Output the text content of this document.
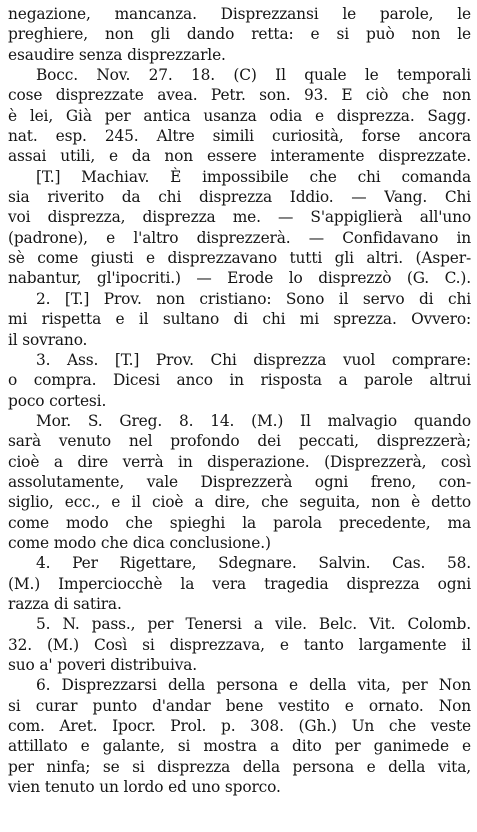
negazione, mancanza. Disprezzansi le parole, le
preghiere, non gli dando retta: e si può non le
esaudire senza disprezzarle.
Bocc. Nov. 27. 18. (C) Il quale le temporali
cose disprezzate avea. Petr. son. 93. E ciò che non
è lei, Già per antica usanza odia e disprezza. Sagg.
nat. esp. 245. Altre simili curiosità, forse ancora
assai utili, e da non essere interamente disprezzate.
[T.] Machiav. È impossibile che chi comanda
sia riverito da chi disprezza Iddio. — Vang. Chi
voi disprezza, disprezza me. — S'appiglierà all'uno
(padrone), e l'altro disprezzerà. — Confidavano in
sè come giusti e disprezzavano tutti gli altri. (Asper-
nabantur, gl'ipocriti.) — Erode lo disprezzò (G. C.).
2. [T.] Prov. non cristiano: Sono il servo di chi
mi rispetta e il sultano di chi mi sprezza. Ovvero:
il sovrano.
3. Ass. [T.] Prov. Chi disprezza vuol comprare:
o compra. Dicesi anco in risposta a parole altrui
poco cortesi.
Mor. S. Greg. 8. 14. (M.) Il malvagio quando
sarà venuto nel profondo dei peccati, disprezzerà;
cioè a dire verrà in disperazione. (Disprezzerà, così
assolutamente, vale Disprezzerà ogni freno, con-
siglio, ecc., e il cioè a dire, che seguita, non è detto
come modo che spieghi la parola precedente, ma
come modo che dica conclusione.)
4. Per Rigettare, Sdegnare. Salvin. Cas. 58.
(M.) Imperciocchè la vera tragedia disprezza ogni
razza di satira.
5. N. pass., per Tenersi a vile. Belc. Vit. Colomb.
32. (M.) Così si disprezzava, e tanto largamente il
suo a' poveri distribuiva.
6. Disprezzarsi della persona e della vita, per Non
si curar punto d'andar bene vestito e ornato. Non
com. Aret. Ipocr. Prol. p. 308. (Gh.) Un che veste
attillato e galante, si mostra a dito per ganimede e
per ninfa; se si disprezza della persona e della vita,
vien tenuto un lordo ed uno sporco.
